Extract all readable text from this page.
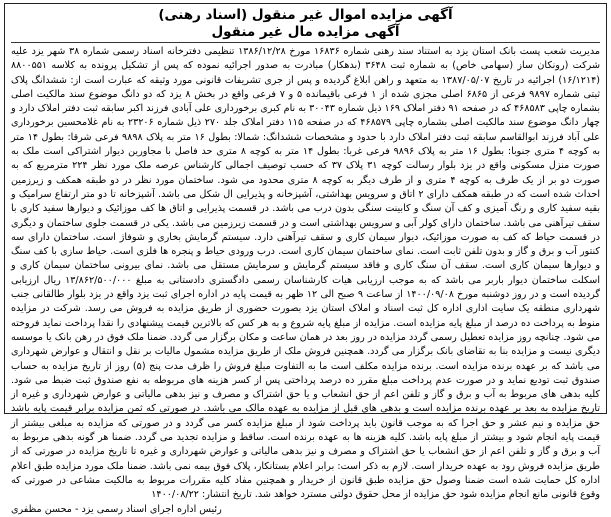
آگهی مزایده اموال غیر منقول (اسناد رهنی)
آگهی مزایده مال غیر منقول

مدیریت شعب پست بانک استان یزد به استناد سند رهنی شماره ۱۶۸۳۶ مورخ ۱۳۸۶/۱۲/۲۸ تنظیمی دفترخانه اسناد رسمی شماره ۳۸ شهر یزد علیه شرکت (رونکان ساز (سهامی خاص) به شماره ثبت ۳۶۴۸ (بدهکار) مبادرت به صدور اجرائیه نموده که پس از تشکیل پرونده به کلاسه ۸۸۰۰۵۵۱ (۱۶/۱۲۱۴) اجرائیه در تاریخ ۱۳۸۷/۰۵/۰۷ به متعهد و راهن ابلاغ گردیده و پس از جری تشریفات قانونی مورد وثیقه که عبارت است از: ششدانگ پلاک ثبتی شماره ۹۸۹۷ فرعی از ۶۸۶۵ اصلی مجزی شده از ۱ فرعی باقیمانده ۵ و ۷ فرعی واقع در بخش ۸ یزد که دو دانگ موضوع سند مالکیت اصلی بشماره چاپی ۴۶۸۵۸۳ که در صفحه ۹۱ دفتر املاک ۱۶۹ ذیل شماره ۳۰۰۴۳ به نام کبری برخورداری علی آبادی فرزند اکبر سابقه ثبت دفتر املاک دارد و چهار دانگ موضوع سند مالکیت اصلی بشماره چاپی ۴۶۸۵۷۹ که در صفحه ۱۱۵ دفتر املاک جلد ۲۷۰ ذیل شماره ۲۳۲۰۶ به نام غلامحسین برخورداری علی آباد فرزند ابوالقاسم سابقه ثبت دفتر املاک دارد با حدود و مشخصات ششدانگ: شمالا: بطول ۱۶ متر به پلاک ۹۸۹۸ فرعی شرقا: بطول ۱۴ متر به کوچه ۴ متری جنوبا: بطول ۱۶ متر به پلاک ۹۸۹۶ فرعی غربا: بطول ۱۴ متر به کوچه ۸ متری حد فاصل با مجاورین دیوار اشتراکی است ملک به صورت منزل مسکونی واقع در یزد بلوار رسالت کوچه ۳۱ پلاک ۳۷ که حسب توصیف اجمالی کارشناس عرصه ملک مورد نظر ۲۲۴ مترمربع که به صورت دو بر از یک طرف به کوچه ۴ متری و از طرف دیگر به کوچه ۸ متری محدود می شود. ساختمان مورد نظر در دو طبقه همکف و زیرزمین احداث شده است که در طبقه همکف دارای ۲ اتاق و سرویس بهداشتی، آشپزخانه و پذیرایی ال شکل می باشد. آشپزخانه تا دو متر ارتفاع سرامیک و بقیه سفید کاری و رنگ آمیزی و کف آن سنگ و کابینت سنگی بدون درب می باشد. در قسمت پذیرایی و اتاق ها کف موزائیک و دیوارها سفید کاری با سقف تیرآهنی می باشد. ساختمان دارای کولر آبی و سرویس بهداشتی است و در قسمت زیرزمین می باشد. یکی در قسمت جلوی ساختمان و دیگری در قسمت حیاط که کف به صورت موزائیک، دیوار سیمان کاری و سقف تیرآهنی دارد. سیستم گرمایش بخاری و شوفاژ است. ساختمان دارای سه کنتور آب و برق و گاز و بدون تلفن ثابت است. نمای ساختمان سیمان کاری است. درب ورودی حیاط و پنجره ها فلزی است. حیاط سازی با کف سنگ و دیوارها سیمان کاری است. سقف آن سنگ کاری و فاقد سیستم گرمایش و سرمایش مستقل می باشد. نمای بیرونی ساختمان سیمان کاری و اسکلت ساختمان دیوار باربر می باشد که به موجب ارزیابی هیات کارشناسان رسمی دادگستری دادستانی به مبلغ ۱۳/۸۶۲/۵۰۰/۰۰۰ ریال ارزیابی گردیده است و در روز دوشنبه مورخ ۱۴۰۰/۰۹/۰۸ از ساعت ۹ صبح الی ۱۲ ظهر به قیمت پایه در اداره اجرای ثبت یزد واقع در یزد بلوار طالقانی جنب شهرداری منطقه یک سایت اداری اداره کل ثبت اسناد و املاک استان یزد بصورت حضوری از طریق مزایده به فروش می رسد. شرکت در مزایده منوط به پرداخت ده درصد از مبلغ پایه مزایده است. مزایده از مبلغ پایه شروع و به هر کس که بالاترین قیمت پیشنهادی را نقدا پرداخت نماید فروخته می شود. چنانچه روز مزایده تعطیل رسمی گردد مزایده در روز بعد در همان ساعت و مکان برگزار می گردد. ضمنا ملک فوق در رهن بانک یا موسسه دیگری نیست و مزایده بنا به تقاضای بانک برگزار می گردد. همچنین فروش ملک از طریق مزایده مشمول مالیات بر نقل و انتقال و عوارض شهرداری می باشد که بر عهده برنده مزایده است. برنده مزایده مکلف است ما به التفاوت مبلغ فروش را ظرف مدت پنج (۵) روز از تاریخ مزایده به حساب صندوق ثبت تودیع نماید و در صورت عدم پرداخت مبلغ مقرر ده درصد پرداختی پس از کسر هزینه های مربوطه به نفع صندوق ثبت ضبط می شود. کلیه بدهی های مربوط به آب و برق و گاز و تلفن اعم از حق انشعاب و یا حق اشتراک و مصرف و نیز بدهی مالیاتی و عوارض شهرداری و غیره از تاریخ مزایده به بعد بر عهده برنده مزایده است و بدهی های قبل از مزایده به عهده مالک می باشد. در صورتی که ثمن مزایده برابر قیمت پایه باشد حق مزایده و نیم عشر و حق اجرا که به موجب قانون باید پرداخت شود از مبلغ مزایده کسر می گردد و در صورتی که مزایده به مبلغی بیشتر از قیمت پایه انجام شود و بیشتر از مبلغ پایه باشد. کلیه هزینه ها به عهده برنده است. ساقط و مزایده تجدید می گردد. ضمنا هر گونه بدهی مربوط به آب و برق و گاز و تلفن اعم از حق انشعاب یا حق اشتراک و مصرف و نیز بدهی مالیاتی و عوارض شهرداری و غیره تا تاریخ مزایده در صورتی که از طریق مزایده فروش رود به عهده خریدار است. لازم به ذکر است: برابر اعلام بستانکار، پلاک فوق بیمه نمی باشد. ضمنا ملک مورد مزایده طبق اعلام اداره کل حمایت شده است ضمنا وصول حق مزایده طبق قانون از خریدار و همچنین مفاد کلیه مقررات مربوط به مالکیت مشاعی در صورتی که وقوع قانونی مانع انجام مزایده شود حق مزایده از محل حقوق دولتی مسترد خواهد شد. تاریخ انتشار: ۱۴۰۰/۰۸/۲۲

رئیس اداره اجرای اسناد رسمی یزد - محسن مظفری
